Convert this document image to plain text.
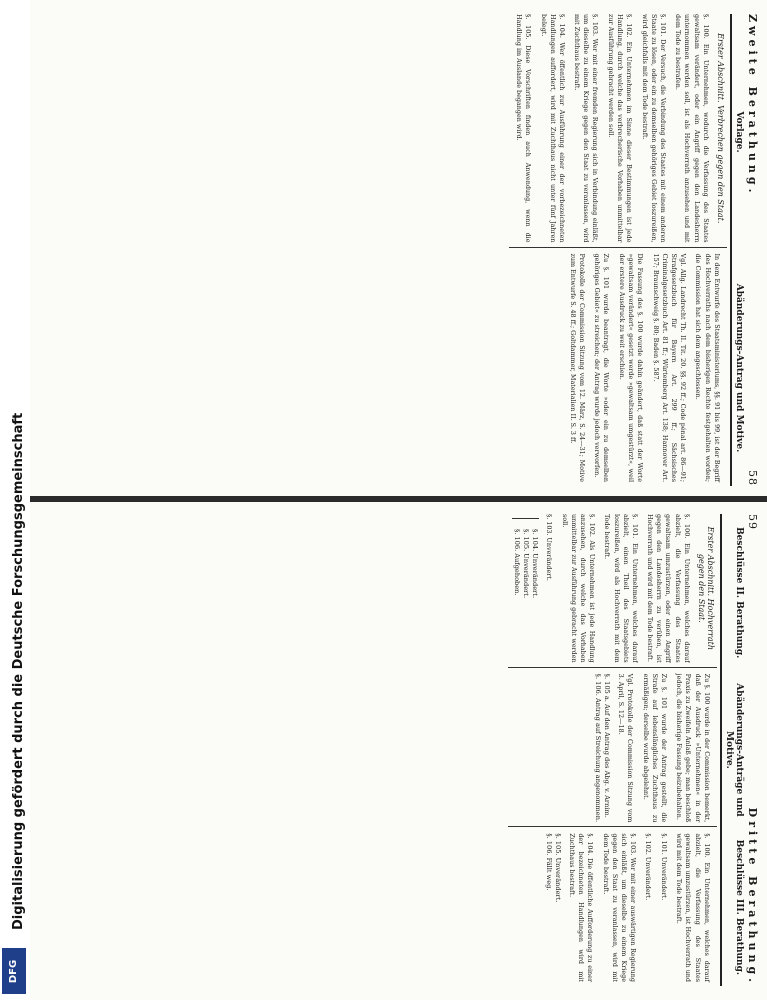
Zweite Berathung.
58
Vorlage.
Abänderungs-Antrag und Motive.
Erster Abschnitt. Verbrechen gegen den Staat.

§. 100. Ein Unternehmen, wodurch die Verfassung des Staates gewaltsam verändert, oder ein Angriff gegen den Landesherrn unternommen werden soll, ist als Hochverrath anzusehen und mit dem Tode zu bestrafen.

§. 101. Der Versuch, die Verbindung des Staates mit einem anderen Staate zu lösen, oder ein zu demselben gehöriges Gebiet loszureißen, wird gleichfalls mit dem Tode bestraft.

§. 102. Ein Unternehmen im Sinne dieser Bestimmungen ist jede Handlung, durch welche das verbrecherische Vorhaben unmittelbar zur Ausführung gebracht werden soll.

§. 103. Wer mit einer fremden Regierung sich in Verbindung einläßt, um dieselbe zu einem Kriege gegen den Staat zu veranlassen, wird mit Zuchthaus bestraft.

§. 104. Wer öffentlich zur Ausführung einer der vorbezeichneten Handlungen auffordert, wird mit Zuchthaus nicht unter fünf Jahren belegt.

§. 105. Diese Vorschriften finden auch Anwendung, wenn die Handlung im Auslande begangen wird.

In dem Entwurfe des Staatsministeriums, §§. 91 bis 99, ist der Begriff des Hochverraths nach dem bisherigen Rechte festgehalten worden; die Commission hat sich dem angeschlossen.

Vgl. Allg. Landrecht Th. II. Tit. 20. §§. 92 ff.; Code pénal art. 86—91; Strafgesetzbuch für Bayern Art. 299 ff.; Sächsisches Criminalgesetzbuch Art. 81 ff.; Würtemberg Art. 138; Hannover Art. 157; Braunschweig §. 80; Baden §. 587.

Die Fassung des §. 100 wurde dahin geändert, daß statt der Worte »gewaltsam verändert« gesetzt werde »gewaltsam umgestürzt«, weil der erstere Ausdruck zu weit erschien.

Zu §. 101 wurde beantragt, die Worte »oder ein zu demselben gehöriges Gebiet« zu streichen; der Antrag wurde jedoch verworfen.

Protokolle der Commission Sitzung vom 12. März, S. 24—31; Motive zum Entwurfe S. 48 ff.; Goltdammer, Materialien II. S. 3 ff.

59
Dritte Berathung.
Beschlüsse II. Berathung.
Abänderungs-Anträge und Motive.
Beschlüsse III. Berathung.
Erster Abschnitt. Hochverrath gegen den Staat.

§. 100. Ein Unternehmen, welches darauf abzielt, die Verfassung des Staates gewaltsam umzustürzen, oder einen Angriff gegen den Landesherrn zu verüben, ist Hochverrath und wird mit dem Tode bestraft.

§. 101. Ein Unternehmen, welches darauf abzielt, einen Theil des Staatsgebiets loszureißen, wird als Hochverrath mit dem Tode bestraft.

§. 102. Als Unternehmen ist jede Handlung anzusehen, durch welche das Vorhaben unmittelbar zur Ausführung gebracht werden soll.

§. 103. Unverändert.

§. 104. Unverändert.
§. 105. Unverändert.
§. 106. Aufgehoben.

Zu §. 100 wurde in der Commission bemerkt, daß der Ausdruck »Unternehmen« in der Praxis zu Zweifeln Anlaß gebe; man beschloß jedoch, die bisherige Fassung beizubehalten.

Zu §. 101 wurde der Antrag gestellt, die Strafe auf lebenslängliches Zuchthaus zu ermäßigen; derselbe wurde abgelehnt.

Vgl. Protokolle der Commission Sitzung vom 3. April, S. 12—18.

§. 105 a. Auf den Antrag des Abg. v. Arnim.
§. 106. Antrag auf Streichung angenommen.

§. 100. Ein Unternehmen, welches darauf abzielt, die Verfassung des Staates gewaltsam umzustürzen, ist Hochverrath und wird mit dem Tode bestraft.

§. 101. Unverändert.

§. 102. Unverändert.

§. 103. Wer mit einer auswärtigen Regierung sich einläßt, um dieselbe zu einem Kriege gegen den Staat zu veranlassen, wird mit dem Tode bestraft.

§. 104. Die öffentliche Aufforderung zu einer der bezeichneten Handlungen wird mit Zuchthaus bestraft.

§. 105. Unverändert.
§. 106. Fällt weg.
Digitalisierung gefördert durch die Deutsche Forschungsgemeinschaft
DFG
